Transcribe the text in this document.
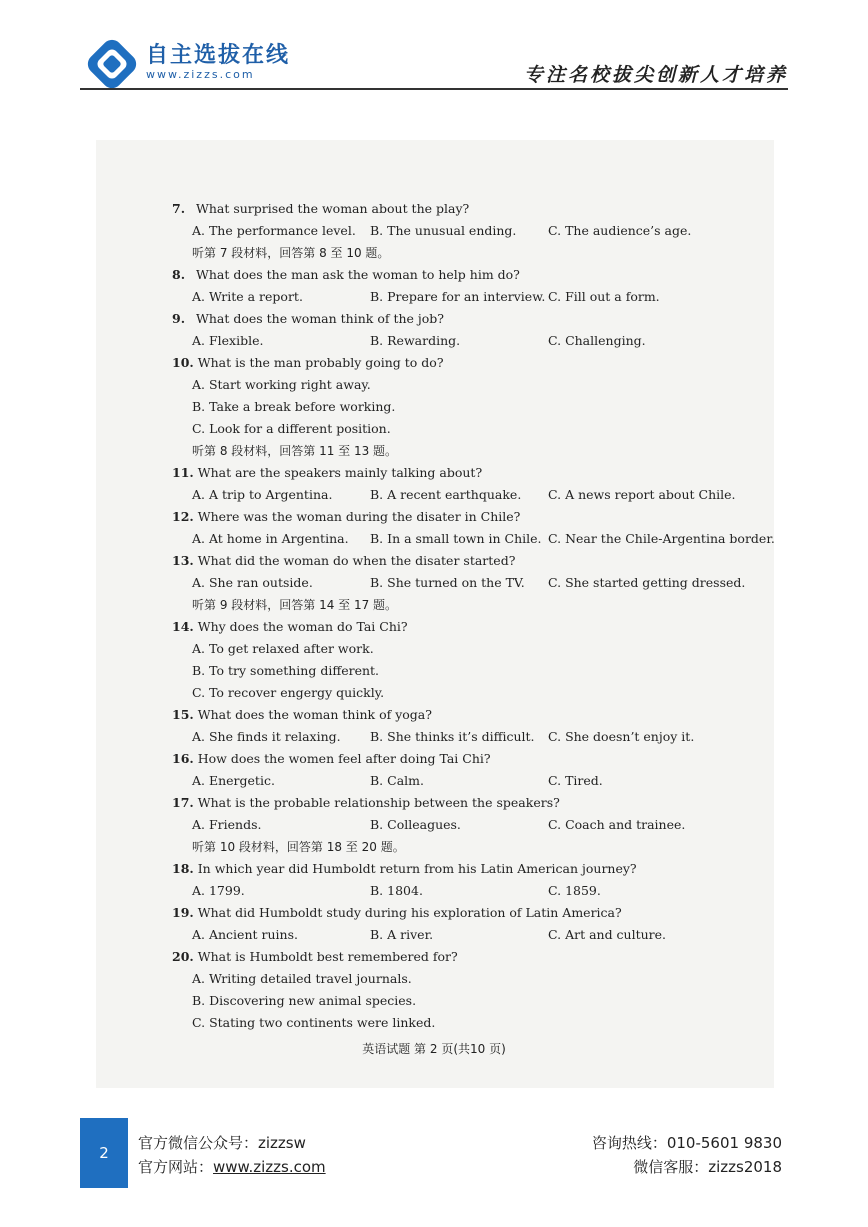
自主选拔在线
www.zizzs.com	专注名校拔尖创新人才培养
7. What surprised the woman about the play?
A. The performance level. B. The unusual ending.	C. The audience’s age.
听第 7 段材料，回答第 8 至 10 题。
8. What does the man ask the woman to help him do?
A. Write a report.	B. Prepare for an interview. C. Fill out a form.
9. What does the woman think of the job?
A. Flexible.	B. Rewarding.	C. Challenging.
10. What is the man probably going to do?
A. Start working right away.
B. Take a break before working.
C. Look for a different position.
听第 8 段材料，回答第 11 至 13 题。
11. What are the speakers mainly talking about?
A. A trip to Argentina.	B. A recent earthquake. C. A news report about Chile.
12. Where was the woman during the disater in Chile?
A. At home in Argentina. B. In a small town in Chile. C. Near the Chile-Argentina border.
13. What did the woman do when the disater started?
A. She ran outside.	B. She turned on the TV. C. She started getting dressed.
听第 9 段材料，回答第 14 至 17 题。
14. Why does the woman do Tai Chi?
A. To get relaxed after work.
B. To try something different.
C. To recover engergy quickly.
15. What does the woman think of yoga?
A. She finds it relaxing. B. She thinks it’s difficult. C. She doesn’t enjoy it.
16. How does the women feel after doing Tai Chi?
A. Energetic.	B. Calm.	C. Tired.
17. What is the probable relationship between the speakers?
A. Friends.	B. Colleagues.	C. Coach and trainee.
听第 10 段材料，回答第 18 至 20 题。
18. In which year did Humboldt return from his Latin American journey?
A. 1799.	B. 1804.	C. 1859.
19. What did Humboldt study during his exploration of Latin America?
A. Ancient ruins.	B. A river.	C. Art and culture.
20. What is Humboldt best remembered for?
A. Writing detailed travel journals.
B. Discovering new animal species.
C. Stating two continents were linked.
英语试题 第 2 页(共10 页)
2
官方微信公众号：zizzsw
官方网站：www.zizzs.com
咨询热线：010-5601 9830
微信客服：zizzs2018
